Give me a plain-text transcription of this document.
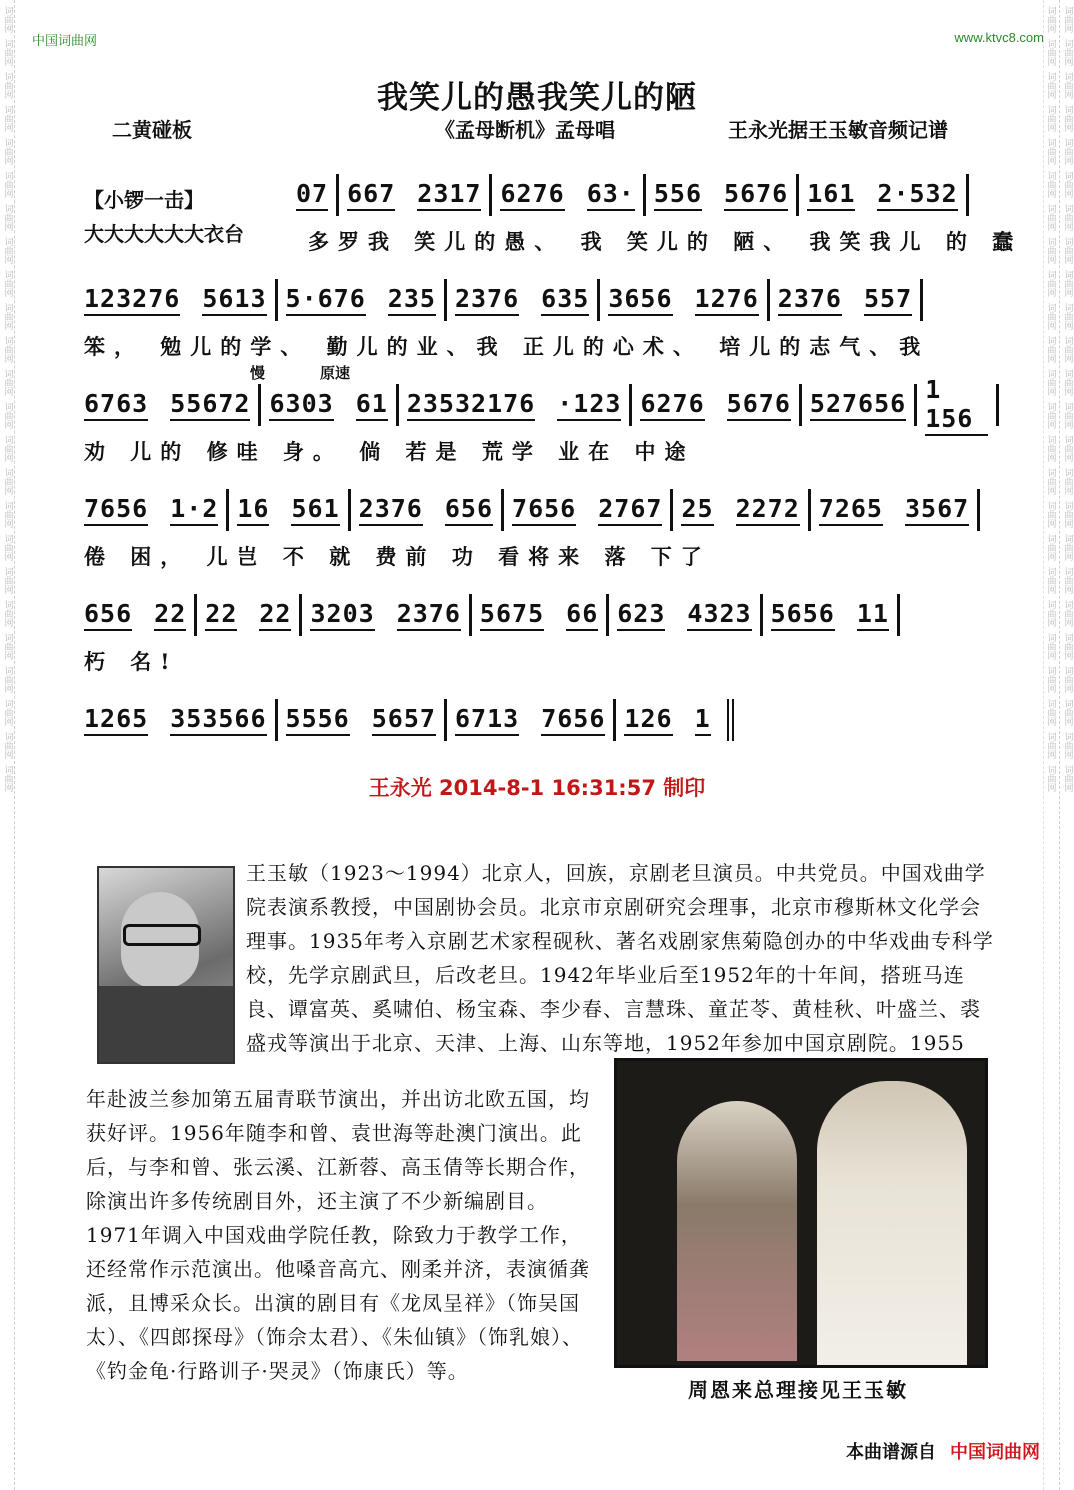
中国词曲网	www.ktvc8.com
词曲网
词曲网
词曲网
词曲网
词曲网
词曲网
词曲网
词曲网
词曲网
词曲网
词曲网
词曲网
词曲网
词曲网
词曲网
词曲网
词曲网
词曲网
词曲网
词曲网
词曲网
词曲网
词曲网
词曲网
词曲网
词曲网
词曲网
词曲网
词曲网
词曲网
词曲网
词曲网
词曲网
词曲网
词曲网
词曲网
词曲网
词曲网
词曲网
词曲网
词曲网
词曲网
词曲网
词曲网
词曲网
词曲网
词曲网
词曲网
词曲网
词曲网
词曲网
词曲网
词曲网
词曲网
词曲网
词曲网
词曲网
词曲网
词曲网
词曲网
词曲网
词曲网
词曲网
词曲网
词曲网
词曲网
词曲网
词曲网
词曲网
词曲网
词曲网
词曲网
我笑儿的愚我笑儿的陋
二黄碰板	《孟母断机》孟母唱	王永光据王玉敏音频记谱
【小锣一击】
大大大大大大衣台
07 667 2317 6276 63· 556 5676 161 2·532
多罗我 笑儿的愚、 我 笑儿的 陋、 我笑我儿 的 蠢
123276 5613 5·676 235 2376 635 3656 1276 2376 557
笨， 勉儿的学、 勤儿的业、我 正儿的心术、 培儿的志气、我
慢	原速
6763 55672 6303 61 23532176 ·123 6276 5676 527656 1 156
劝 儿的 修哇 身。 倘 若是 荒学 业在 中途
7656 1·2 16 561 2376 656 7656 2767 25 2272 7265 3567
倦 困， 儿岂 不 就 费前 功 看将来 落 下了
656 22 22 22 3203 2376 5675 66 623 4323 5656 11
朽 名!
1265 353566 5556 5657 6713 7656 126 1
王永光 2014-8-1 16:31:57 制印
王玉敏（1923～1994）北京人，回族，京剧老旦演员。中共党员。中国戏曲学院表演系教授，中国剧协会员。北京市京剧研究会理事，北京市穆斯林文化学会理事。1935年考入京剧艺术家程砚秋、著名戏剧家焦菊隐创办的中华戏曲专科学校，先学京剧武旦，后改老旦。1942年毕业后至1952年的十年间，搭班马连良、谭富英、奚啸伯、杨宝森、李少春、言慧珠、童芷苓、黄桂秋、叶盛兰、裘盛戎等演出于北京、天津、上海、山东等地，1952年参加中国京剧院。1955
年赴波兰参加第五届青联节演出，并出访北欧五国，均获好评。1956年随李和曾、袁世海等赴澳门演出。此后，与李和曾、张云溪、江新蓉、高玉倩等长期合作，除演出许多传统剧目外，还主演了不少新编剧目。1971年调入中国戏曲学院任教，除致力于教学工作，还经常作示范演出。他嗓音高亢、刚柔并济，表演循龚派，且博采众长。出演的剧目有《龙凤呈祥》（饰吴国太）、《四郎探母》（饰佘太君）、《朱仙镇》（饰乳娘）、《钓金龟·行路训子·哭灵》（饰康氏）等。
周恩来总理接见王玉敏
本曲谱源自 中国词曲网
